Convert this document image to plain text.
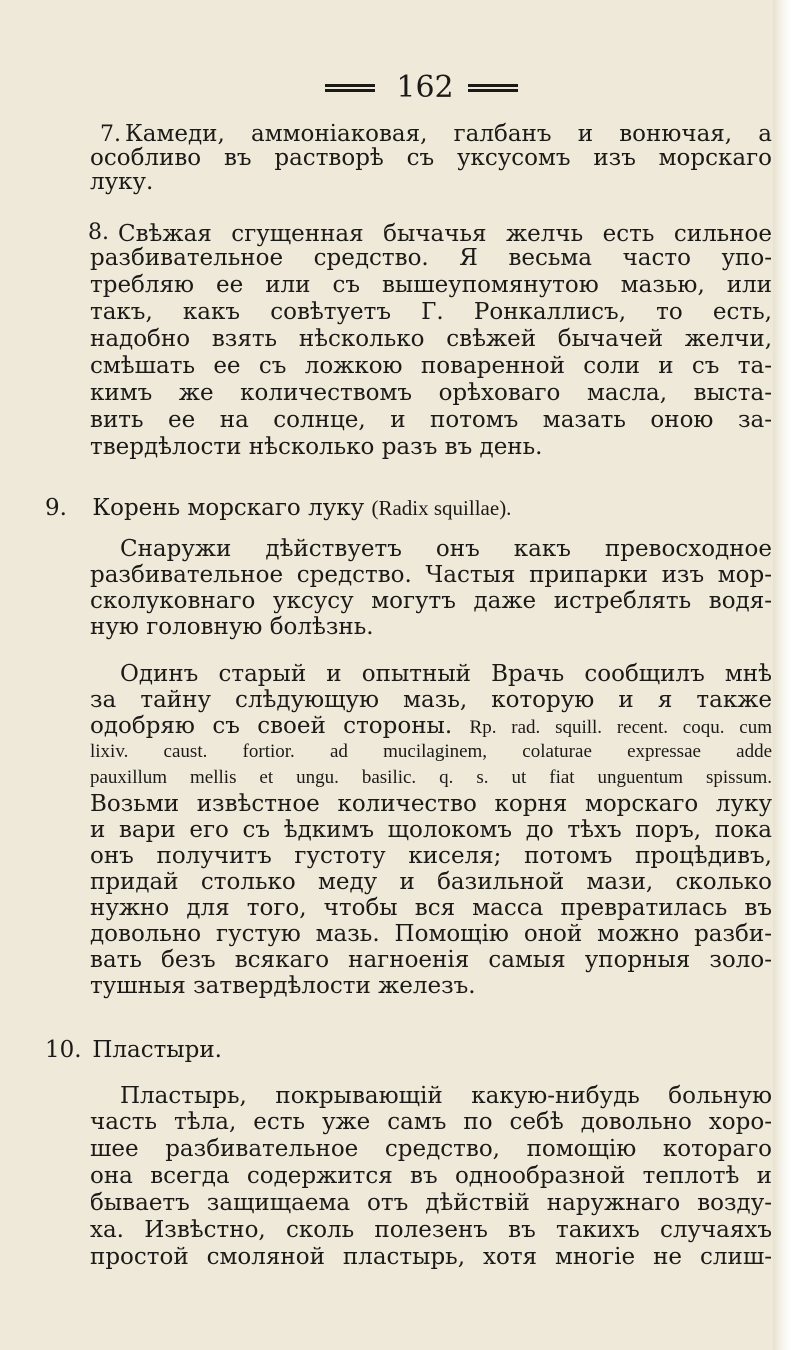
162
7. Камеди, аммоніаковая, галбанъ и вонючая, а
особливо въ растворѣ съ уксусомъ изъ морскаго
луку.
8. Свѣжая сгущенная бычачья желчь есть сильное
разбивательное средство. Я весьма часто упо-
требляю ее или съ вышеупомянутою мазью, или
такъ, какъ совѣтуетъ Г. Ронкаллисъ, то есть,
надобно взять нѣсколько свѣжей бычачей желчи,
смѣшать ее съ ложкою поваренной соли и съ та-
кимъ же количествомъ орѣховаго масла, выста-
вить ее на солнце, и потомъ мазать оною за-
твердѣлости нѣсколько разъ въ день.
9. Корень морскаго луку (Radix squillae).
Снаружи дѣйствуетъ онъ какъ превосходное
разбивательное средство. Частыя припарки изъ мор-
сколуковнаго уксусу могутъ даже истреблять водя-
ную головную болѣзнь.
Одинъ старый и опытный Врачь сообщилъ мнѣ
за тайну слѣдующую мазь, которую и я также
одобряю съ своей стороны. Rp. rad. squill. recent. coqu. cum
lixiv. caust. fortior. ad mucilaginem, colaturae expressae adde
pauxillum mellis et ungu. basilic. q. s. ut fiat unguentum spissum.
Возьми извѣстное количество корня морскаго луку
и вари его съ ѣдкимъ щолокомъ до тѣхъ поръ, пока
онъ получитъ густоту киселя; потомъ процѣдивъ,
придай столько меду и базильной мази, сколько
нужно для того, чтобы вся масса превратилась въ
довольно густую мазь. Помощію оной можно разби-
вать безъ всякаго нагноенія самыя упорныя золо-
тушныя затвердѣлости железъ.
10. Пластыри.
Пластырь, покрывающій какую-нибудь больную
часть тѣла, есть уже самъ по себѣ довольно хоро-
шее разбивательное средство, помощію котораго
она всегда содержится въ однообразной теплотѣ и
бываетъ защищаема отъ дѣйствій наружнаго возду-
ха. Извѣстно, сколь полезенъ въ такихъ случаяхъ
простой смоляной пластырь, хотя многіе не слиш-
